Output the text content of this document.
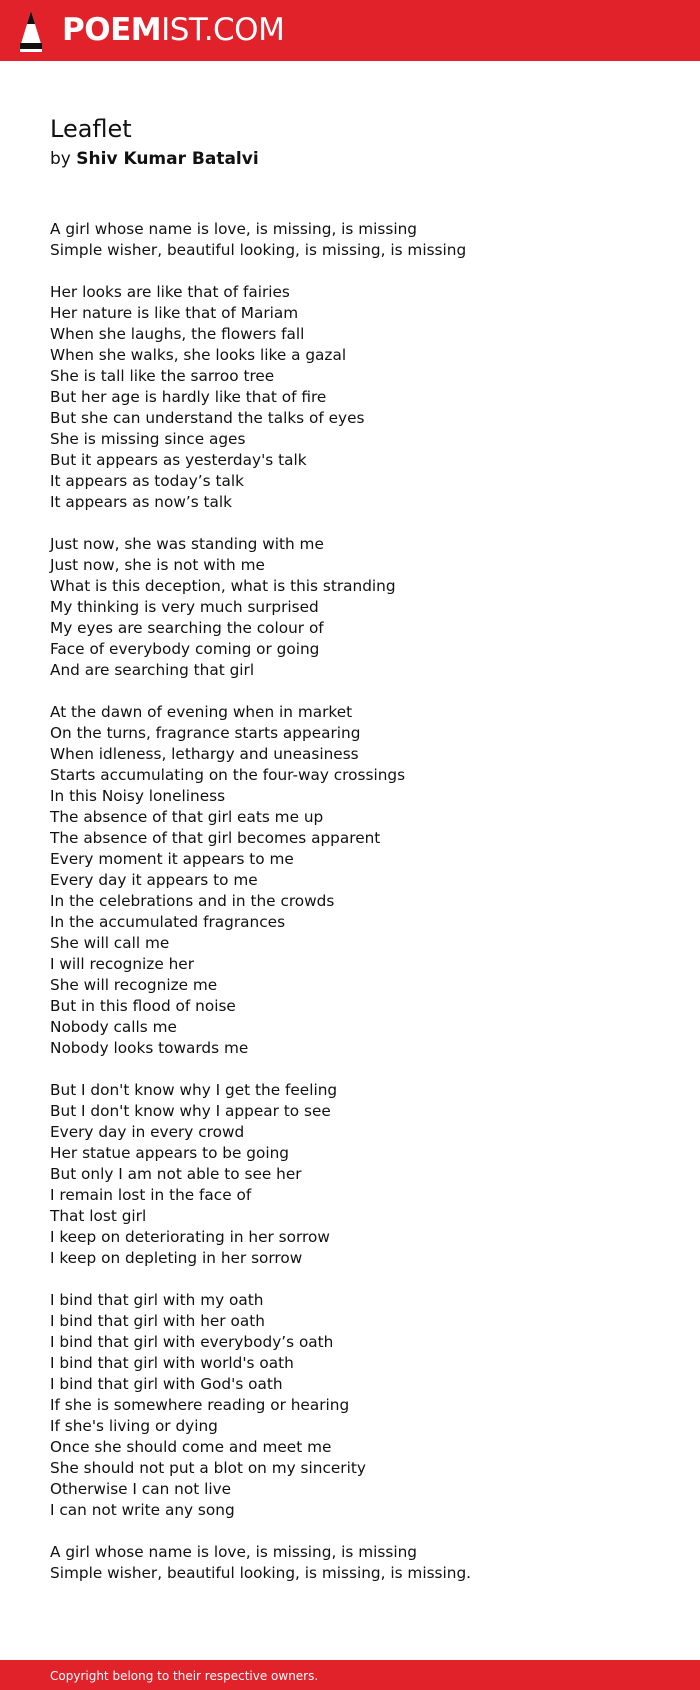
POEMIST.COM
Leaflet
by Shiv Kumar Batalvi
A girl whose name is love, is missing, is missing
Simple wisher, beautiful looking, is missing, is missing
Her looks are like that of fairies
Her nature is like that of Mariam
When she laughs, the flowers fall
When she walks, she looks like a gazal
She is tall like the sarroo tree
But her age is hardly like that of fire
But she can understand the talks of eyes
She is missing since ages
But it appears as yesterday's talk
It appears as today’s talk
It appears as now’s talk
Just now, she was standing with me
Just now, she is not with me
What is this deception, what is this stranding
My thinking is very much surprised
My eyes are searching the colour of
Face of everybody coming or going
And are searching that girl
At the dawn of evening when in market
On the turns, fragrance starts appearing
When idleness, lethargy and uneasiness
Starts accumulating on the four-way crossings
In this Noisy loneliness
The absence of that girl eats me up
The absence of that girl becomes apparent
Every moment it appears to me
Every day it appears to me
In the celebrations and in the crowds
In the accumulated fragrances
She will call me
I will recognize her
She will recognize me
But in this flood of noise
Nobody calls me
Nobody looks towards me
But I don't know why I get the feeling
But I don't know why I appear to see
Every day in every crowd
Her statue appears to be going
But only I am not able to see her
I remain lost in the face of
That lost girl
I keep on deteriorating in her sorrow
I keep on depleting in her sorrow
I bind that girl with my oath
I bind that girl with her oath
I bind that girl with everybody’s oath
I bind that girl with world's oath
I bind that girl with God's oath
If she is somewhere reading or hearing
If she's living or dying
Once she should come and meet me
She should not put a blot on my sincerity
Otherwise I can not live
I can not write any song
A girl whose name is love, is missing, is missing
Simple wisher, beautiful looking, is missing, is missing.
Copyright belong to their respective owners.
